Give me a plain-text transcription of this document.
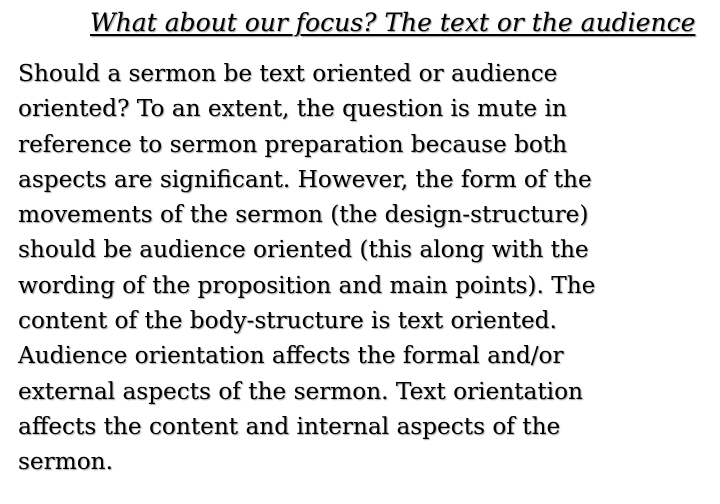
What about our focus? The text or the audience
Should a sermon be text oriented or audience
oriented? To an extent, the question is mute in
reference to sermon preparation because both
aspects are significant. However, the form of the
movements of the sermon (the design-structure)
should be audience oriented (this along with the
wording of the proposition and main points). The
content of the body-structure is text oriented.
Audience orientation affects the formal and/or
external aspects of the sermon. Text orientation
affects the content and internal aspects of the
sermon.
